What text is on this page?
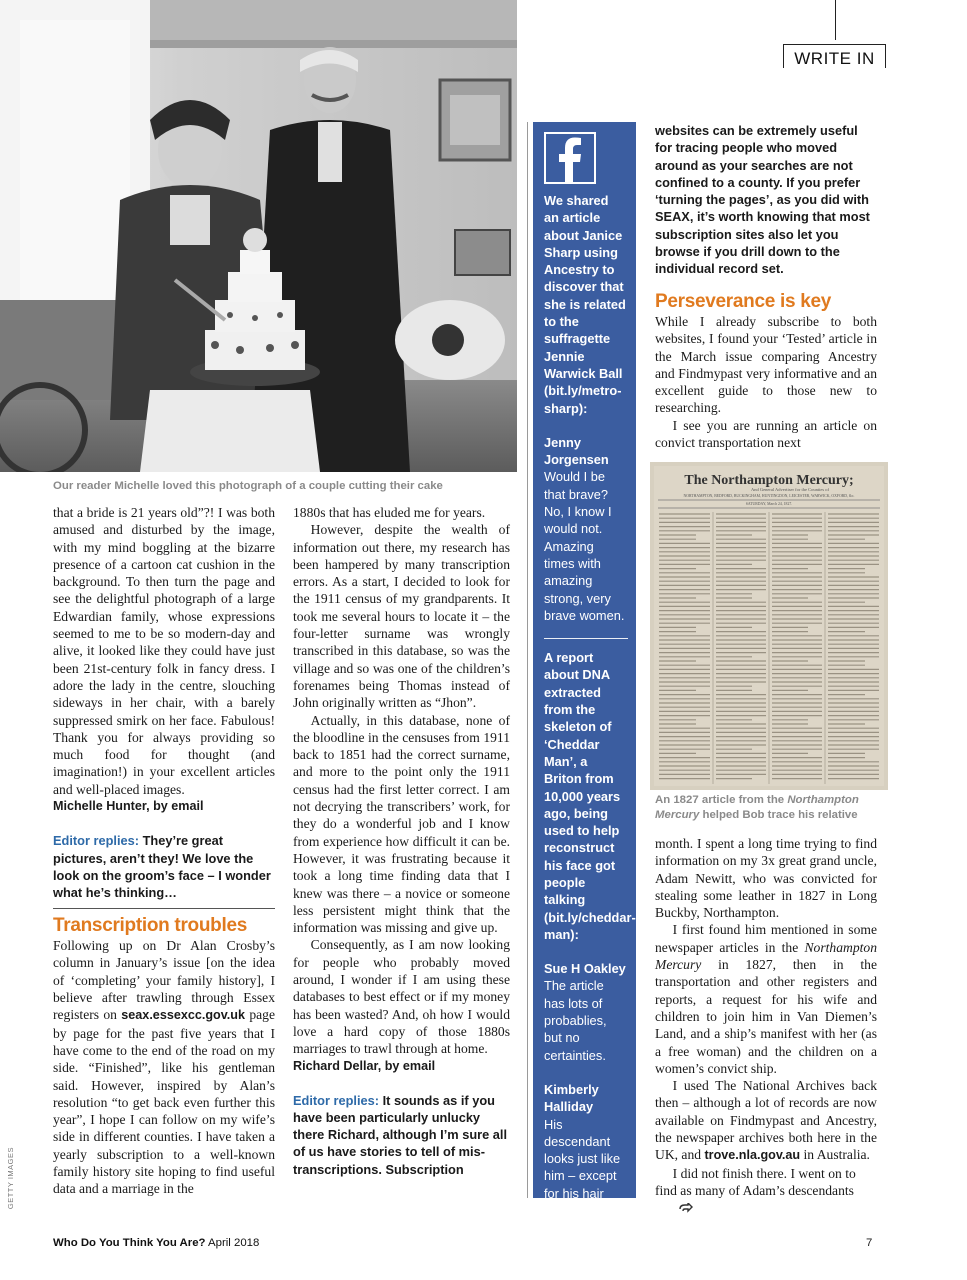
WRITE IN
Our reader Michelle loved this photograph of a couple cutting their cake

that a bride is 21 years old”?! I was both amused and disturbed by the image, with my mind boggling at the bizarre presence of a cartoon cat cushion in the background. To then turn the page and see the delightful photograph of a large Edwardian family, whose expressions seemed to me to be so modern-day and alive, it looked like they could have just been 21st-century folk in fancy dress. I adore the lady in the centre, slouching sideways in her chair, with a barely suppressed smirk on her face. Fabulous! Thank you for always providing so much food for thought (and imagination!) in your excellent articles and well-placed images.

Michelle Hunter, by email
Editor replies: They’re great pictures, aren’t they! We love the look on the groom’s face – I wonder what he’s thinking…
Transcription troubles

Following up on Dr Alan Crosby’s column in January’s issue [on the idea of ‘completing’ your family history], I believe after trawling through Essex registers on seax.essexcc.gov.uk page by page for the past five years that I have come to the end of the road on my side. “Finished”, like his gentleman said. However, inspired by Alan’s resolution “to get back even further this year”, I hope I can follow on my wife’s side in different counties. I have taken a yearly subscription to a well-known family history site hoping to find useful data and a marriage in the

1880s that has eluded me for years.

However, despite the wealth of information out there, my research has been hampered by many transcription errors. As a start, I decided to look for the 1911 census of my grandparents. It took me several hours to locate it – the four-letter surname was wrongly transcribed in this database, so was the village and so was one of the children’s forenames being Thomas instead of John originally written as “Jhon”.

Actually, in this database, none of the bloodline in the censuses from 1911 back to 1851 had the correct surname, and more to the point only the 1911 census had the first letter correct. I am not decrying the transcribers’ work, for they do a wonderful job and I know from experience how difficult it can be. However, it was frustrating because it took a long time finding data that I knew was there – a novice or someone less persistent might think that the information was missing and give up.

Consequently, as I am now looking for people who probably moved around, I wonder if I am using these databases to best effect or if my money has been wasted? And, oh how I would love a hard copy of those 1880s marriages to trawl through at home.

Richard Dellar, by email
Editor replies: It sounds as if you have been particularly unlucky there Richard, although I’m sure all of us have stories to tell of mis-transcriptions. Subscription
We shared an article about Janice Sharp using Ancestry to discover that she is related to the suffragette Jennie Warwick Ball (bit.ly/metro-sharp):
Jenny Jorgensen
Would I be that brave? No, I know I would not. Amazing times with amazing strong, very brave women.
A report about DNA extracted from the skeleton of ‘Cheddar Man’, a Briton from 10,000 years ago, being used to help reconstruct his face got people talking (bit.ly/cheddar-man):
Sue H Oakley
The article has lots of probablies, but no certainties.
Kimberly Halliday
His descendant looks just like him – except for his hair and his skin tones.
websites can be extremely useful for tracing people who moved around as your searches are not confined to a county. If you prefer ‘turning the pages’, as you did with SEAX, it’s worth knowing that most subscription sites also let you browse if you drill down to the individual record set.
Perseverance is key

While I already subscribe to both websites, I found your ‘Tested’ article in the March issue comparing Ancestry and Findmypast very informative and an excellent guide to those new to researching.

I see you are running an article on convict transportation next

The Northampton Mercury;
And General Advertiser for the Counties of
NORTHAMPTON, BEDFORD, BUCKINGHAM, HUNTINGDON, LEICESTER, WARWICK, OXFORD, &c.
SATURDAY, March 24, 1827.
An 1827 article from the Northampton Mercury helped Bob trace his relative

month. I spent a long time trying to find information on my 3x great grand uncle, Adam Newitt, who was convicted for stealing some leather in 1827 in Long Buckby, Northampton.

I first found him mentioned in some newspaper articles in the Northampton Mercury in 1827, then in the transportation and other registers and reports, a request for his wife and children to join him in Van Diemen’s Land, and a ship’s manifest with her (as a free woman) and the children on a women’s convict ship.

I used The National Archives back then – although a lot of records are now available on Findmypast and Ancestry, the newspaper archives both here in the UK, and trove.nla.gov.au in Australia.

I did not finish there. I went on to find as many of Adam’s descendants

GETTY IMAGES
Who Do You Think You Are? April 2018	7
